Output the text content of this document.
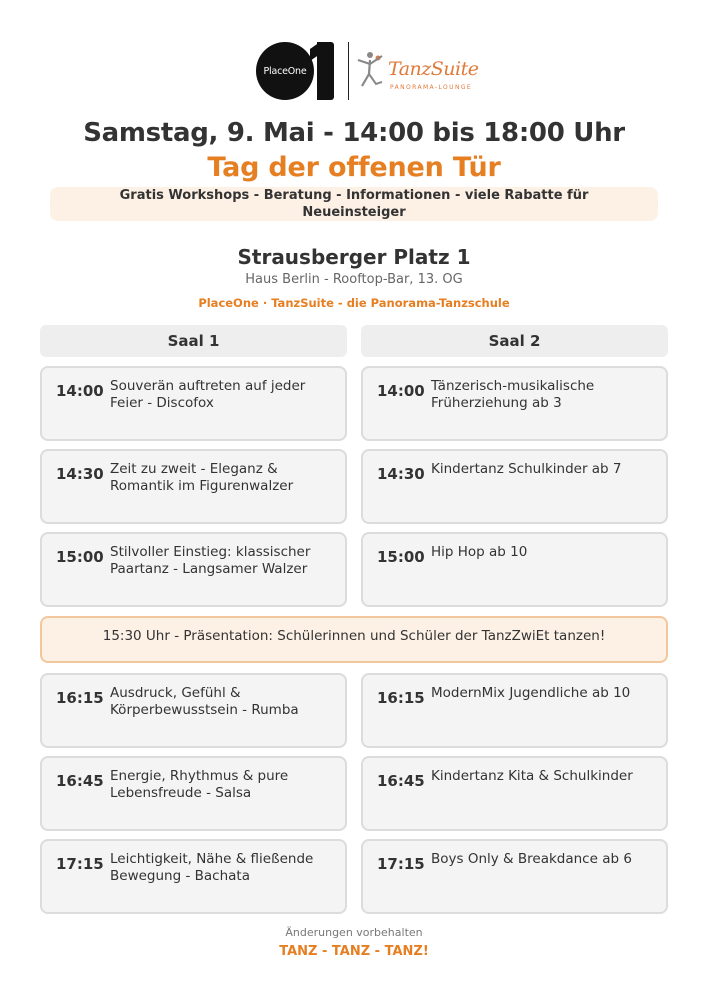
PlaceOne	TanzSuite
PANORAMA-LOUNGE
Samstag, 9. Mai - 14:00 bis 18:00 Uhr
Tag der offenen Tür
Gratis Workshops - Beratung - Informationen - viele Rabatte für Neueinsteiger
Strausberger Platz 1
Haus Berlin - Rooftop-Bar, 13. OG
PlaceOne · TanzSuite - die Panorama-Tanzschule
Saal 1	Saal 2
14:00 Souverän auftreten auf jeder Feier - Discofox
14:30 Zeit zu zweit - Eleganz & Romantik im Figurenwalzer
15:00 Stilvoller Einstieg: klassischer Paartanz - Langsamer Walzer
16:15 Ausdruck, Gefühl & Körperbewusstsein - Rumba
16:45 Energie, Rhythmus & pure Lebensfreude - Salsa
17:15 Leichtigkeit, Nähe & fließende Bewegung - Bachata
14:00 Tänzerisch-musikalische Früherziehung ab 3
14:30 Kindertanz Schulkinder ab 7
15:00 Hip Hop ab 10
16:15 ModernMix Jugendliche ab 10
16:45 Kindertanz Kita & Schulkinder
17:15 Boys Only & Breakdance ab 6
15:30 Uhr - Präsentation: Schülerinnen und Schüler der TanzZwiEt tanzen!
Änderungen vorbehalten
TANZ - TANZ - TANZ!
